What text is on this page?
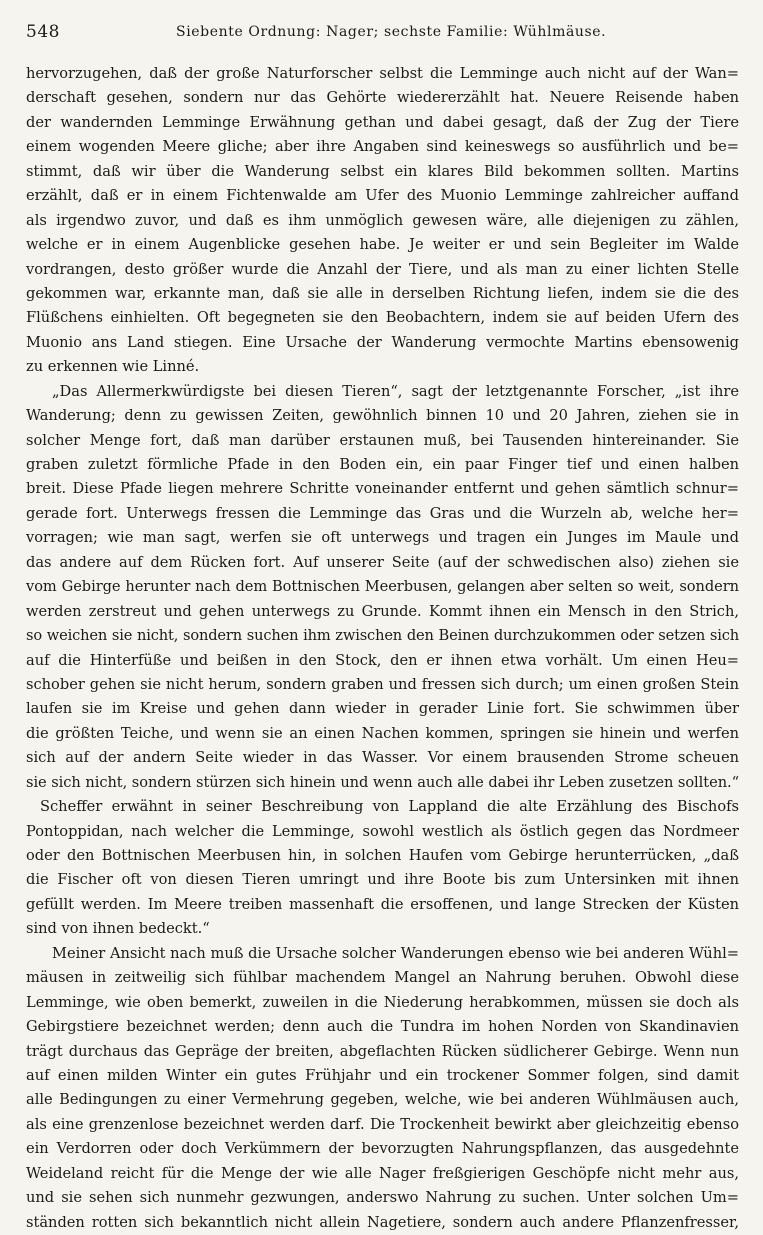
548	Siebente Ordnung: Nager; sechste Familie: Wühlmäuse.
hervorzugehen, daß der große Naturforscher selbst die Lemminge auch nicht auf der Wan=
derschaft gesehen, sondern nur das Gehörte wiedererzählt hat. Neuere Reisende haben
der wandernden Lemminge Erwähnung gethan und dabei gesagt, daß der Zug der Tiere
einem wogenden Meere gliche; aber ihre Angaben sind keineswegs so ausführlich und be=
stimmt, daß wir über die Wanderung selbst ein klares Bild bekommen sollten. Martins
erzählt, daß er in einem Fichtenwalde am Ufer des Muonio Lemminge zahlreicher auffand
als irgendwo zuvor, und daß es ihm unmöglich gewesen wäre, alle diejenigen zu zählen,
welche er in einem Augenblicke gesehen habe. Je weiter er und sein Begleiter im Walde
vordrangen, desto größer wurde die Anzahl der Tiere, und als man zu einer lichten Stelle
gekommen war, erkannte man, daß sie alle in derselben Richtung liefen, indem sie die des
Flüßchens einhielten. Oft begegneten sie den Beobachtern, indem sie auf beiden Ufern des
Muonio ans Land stiegen. Eine Ursache der Wanderung vermochte Martins ebensowenig
zu erkennen wie Linné.
„Das Allermerkwürdigste bei diesen Tieren“, sagt der letztgenannte Forscher, „ist ihre
Wanderung; denn zu gewissen Zeiten, gewöhnlich binnen 10 und 20 Jahren, ziehen sie in
solcher Menge fort, daß man darüber erstaunen muß, bei Tausenden hintereinander. Sie
graben zuletzt förmliche Pfade in den Boden ein, ein paar Finger tief und einen halben
breit. Diese Pfade liegen mehrere Schritte voneinander entfernt und gehen sämtlich schnur=
gerade fort. Unterwegs fressen die Lemminge das Gras und die Wurzeln ab, welche her=
vorragen; wie man sagt, werfen sie oft unterwegs und tragen ein Junges im Maule und
das andere auf dem Rücken fort. Auf unserer Seite (auf der schwedischen also) ziehen sie
vom Gebirge herunter nach dem Bottnischen Meerbusen, gelangen aber selten so weit, sondern
werden zerstreut und gehen unterwegs zu Grunde. Kommt ihnen ein Mensch in den Strich,
so weichen sie nicht, sondern suchen ihm zwischen den Beinen durchzukommen oder setzen sich
auf die Hinterfüße und beißen in den Stock, den er ihnen etwa vorhält. Um einen Heu=
schober gehen sie nicht herum, sondern graben und fressen sich durch; um einen großen Stein
laufen sie im Kreise und gehen dann wieder in gerader Linie fort. Sie schwimmen über
die größten Teiche, und wenn sie an einen Nachen kommen, springen sie hinein und werfen
sich auf der andern Seite wieder in das Wasser. Vor einem brausenden Strome scheuen
sie sich nicht, sondern stürzen sich hinein und wenn auch alle dabei ihr Leben zusetzen sollten.“
Scheffer erwähnt in seiner Beschreibung von Lappland die alte Erzählung des Bischofs
Pontoppidan, nach welcher die Lemminge, sowohl westlich als östlich gegen das Nordmeer
oder den Bottnischen Meerbusen hin, in solchen Haufen vom Gebirge herunterrücken, „daß
die Fischer oft von diesen Tieren umringt und ihre Boote bis zum Untersinken mit ihnen
gefüllt werden. Im Meere treiben massenhaft die ersoffenen, und lange Strecken der Küsten
sind von ihnen bedeckt.“
Meiner Ansicht nach muß die Ursache solcher Wanderungen ebenso wie bei anderen Wühl=
mäusen in zeitweilig sich fühlbar machendem Mangel an Nahrung beruhen. Obwohl diese
Lemminge, wie oben bemerkt, zuweilen in die Niederung herabkommen, müssen sie doch als
Gebirgstiere bezeichnet werden; denn auch die Tundra im hohen Norden von Skandinavien
trägt durchaus das Gepräge der breiten, abgeflachten Rücken südlicherer Gebirge. Wenn nun
auf einen milden Winter ein gutes Frühjahr und ein trockener Sommer folgen, sind damit
alle Bedingungen zu einer Vermehrung gegeben, welche, wie bei anderen Wühlmäusen auch,
als eine grenzenlose bezeichnet werden darf. Die Trockenheit bewirkt aber gleichzeitig ebenso
ein Verdorren oder doch Verkümmern der bevorzugten Nahrungspflanzen, das ausgedehnte
Weideland reicht für die Menge der wie alle Nager freßgierigen Geschöpfe nicht mehr aus,
und sie sehen sich nunmehr gezwungen, anderswo Nahrung zu suchen. Unter solchen Um=
ständen rotten sich bekanntlich nicht allein Nagetiere, sondern auch andere Pflanzenfresser,
